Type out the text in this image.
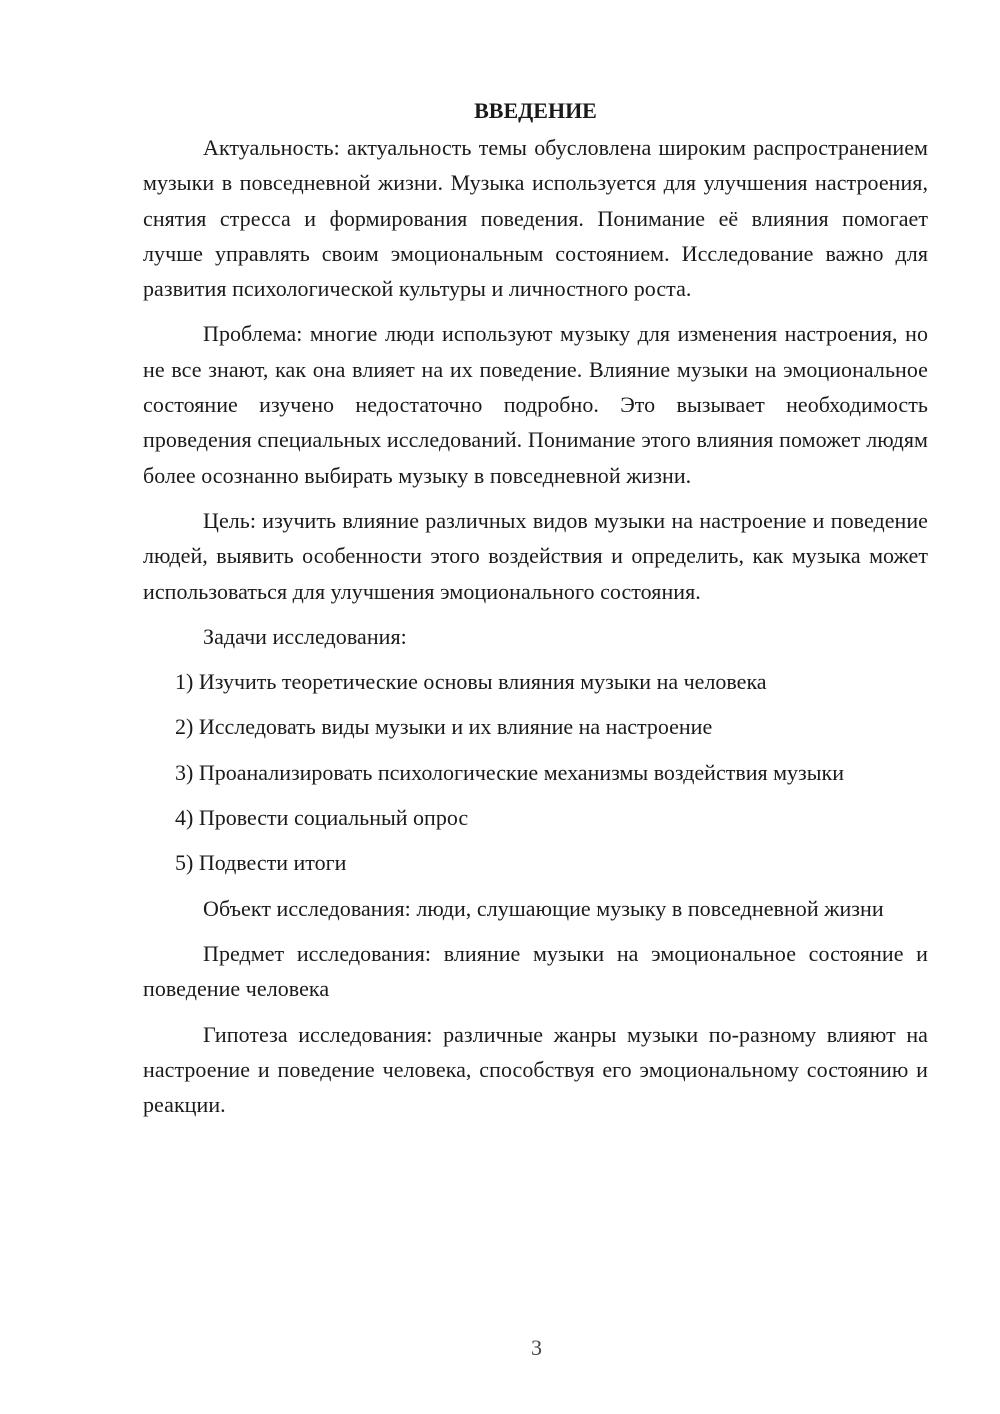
ВВЕДЕНИЕ

Актуальность: актуальность темы обусловлена широким распространением музыки в повседневной жизни. Музыка используется для улучшения настроения, снятия стресса и формирования поведения. Понимание её влияния помогает лучше управлять своим эмоциональным состоянием. Исследование важно для развития психологической культуры и личностного роста.

Проблема: многие люди используют музыку для изменения настроения, но не все знают, как она влияет на их поведение. Влияние музыки на эмоциональное состояние изучено недостаточно подробно. Это вызывает необходимость проведения специальных исследований. Понимание этого влияния поможет людям более осознанно выбирать музыку в повседневной жизни.

Цель: изучить влияние различных видов музыки на настроение и поведение людей, выявить особенности этого воздействия и определить, как музыка может использоваться для улучшения эмоционального состояния.

Задачи исследования:

1) Изучить теоретические основы влияния музыки на человека

2) Исследовать виды музыки и их влияние на настроение

3) Проанализировать психологические механизмы воздействия музыки

4) Провести социальный опрос

5) Подвести итоги

Объект исследования: люди, слушающие музыку в повседневной жизни

Предмет исследования: влияние музыки на эмоциональное состояние и поведение человека

Гипотеза исследования: различные жанры музыки по-разному влияют на настроение и поведение человека, способствуя его эмоциональному состоянию и реакции.

3
